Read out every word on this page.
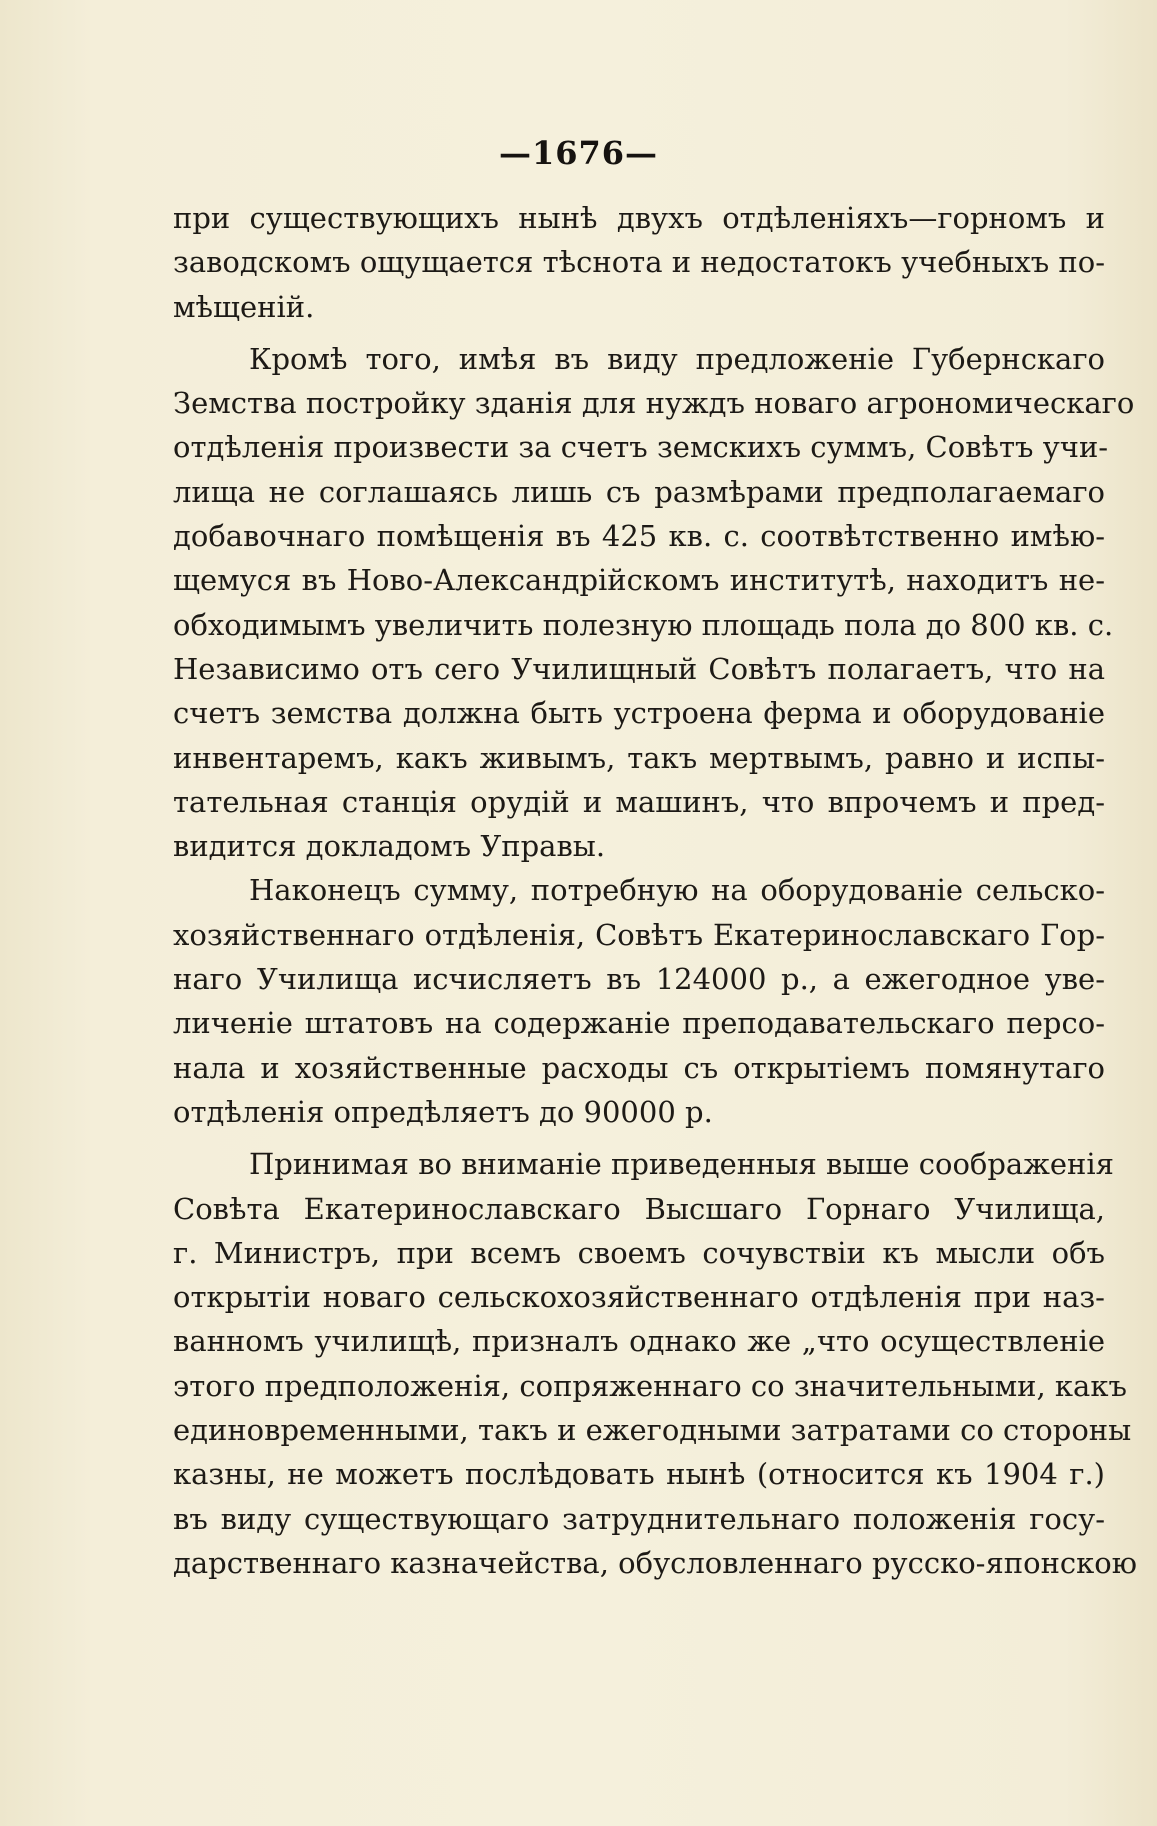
—1676—

при существующихъ нынѣ двухъ отдѣленiяхъ—горномъ и
заводскомъ ощущается тѣснота и недостатокъ учебныхъ по-
мѣщенiй.

Кромѣ того, имѣя въ виду предложенiе Губернскаго
Земства постройку зданiя для нуждъ новаго агрономическаго
отдѣленiя произвести за счетъ земскихъ суммъ, Совѣтъ учи-
лища не соглашаясь лишь съ размѣрами предполагаемаго
добавочнаго помѣщенiя въ 425 кв. с. соотвѣтственно имѣю-
щемуся въ Ново-Александрiйскомъ институтѣ, находитъ не-
обходимымъ увеличить полезную площадь пола до 800 кв. с.
Независимо отъ сего Училищный Совѣтъ полагаетъ, что на
счетъ земства должна быть устроена ферма и оборудованiе
инвентаремъ, какъ живымъ, такъ мертвымъ, равно и испы-
тательная станцiя орудiй и машинъ, что впрочемъ и пред-
видится докладомъ Управы.

Наконецъ сумму, потребную на оборудованiе сельско-
хозяйственнаго отдѣленiя, Совѣтъ Екатеринославскаго Гор-
наго Училища исчисляетъ въ 124000 р., а ежегодное уве-
личенiе штатовъ на содержанiе преподавательскаго персо-
нала и хозяйственные расходы съ открытiемъ помянутаго
отдѣленiя опредѣляетъ до 90000 р.

Принимая во вниманiе приведенныя выше соображенiя
Совѣта Екатеринославскаго Высшаго Горнаго Училища,
г. Министръ, при всемъ своемъ сочувствiи къ мысли объ
открытiи новаго сельскохозяйственнаго отдѣленiя при наз-
ванномъ училищѣ, призналъ однако же „что осуществленiе
этого предположенiя, сопряженнаго со значительными, какъ
единовременными, такъ и ежегодными затратами со стороны
казны, не можетъ послѣдовать нынѣ (относится къ 1904 г.)
въ виду существующаго затруднительнаго положенiя госу-
дарственнаго казначейства, обусловленнаго русско-японскою
